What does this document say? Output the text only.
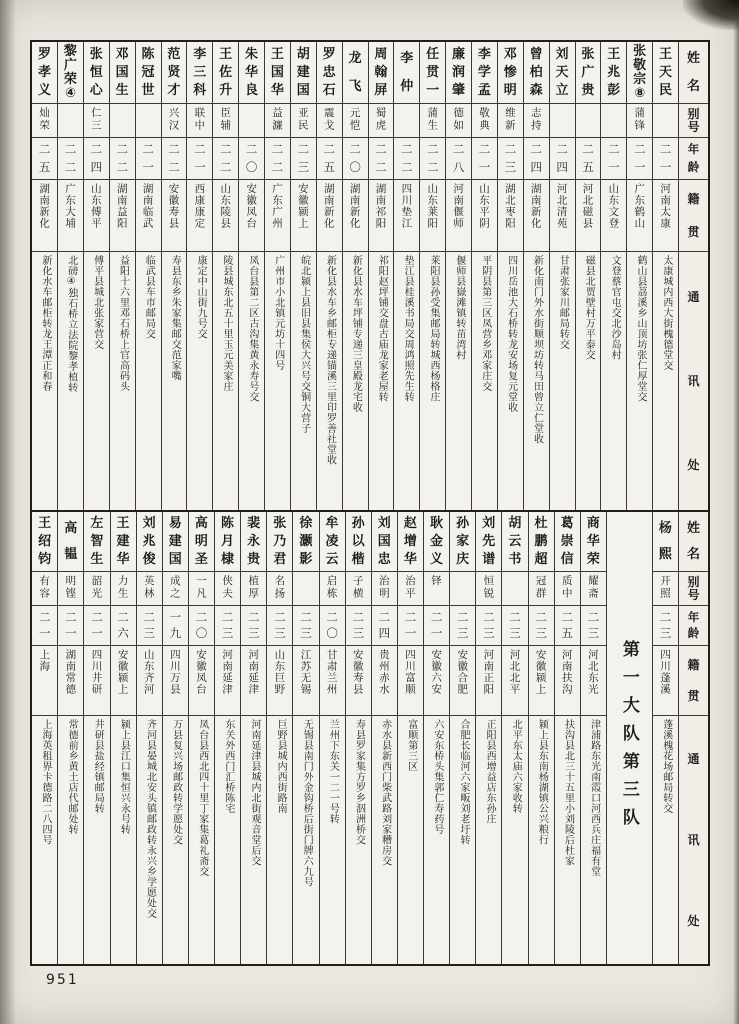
姓
名
别
号
年
龄
籍
贯
通
讯
处
王
天
民
二
一
河南太康
太康城内西大街槐德堂交
张
敬
宗
⑧
蒲锋
二
一
广东鹤山
鹤山县茘溪乡山顶坊张仁厚堂交
王
兆
彭
二
一
山东文登
文登蔡官屯交北沙岛村
张
广
贵
二
五
河北磁县
磁县北贾壁村万平泰交
刘
天
立
二
四
河北清苑
甘肃张家川邮局转交
曾
柏
森
志持
二
四
湖南新化
新化南门外水街顺坝坊转马田曾立仁堂收
邓
惨
明
维新
二
三
湖北枣阳
四川岳池大石桥转龙安场复元堂收
李
学
孟
敬典
二
一
山东平阴
平阴县第三区凤营乡邓家庄交
廉
润
肇
德如
二
八
河南偃师
偃师县嶽滩镇转苗湾村
任
贯
一
蒲生
二
二
山东莱阳
莱阳县孙受集邮局转城西杨格庄
李
仲
二
二
四川垫江
垫江县桂溪书局交周鸿照先生转
周
翰
屏
蜀虎
二
二
湖南祁阳
祁阳赵坪铺交盘古庙龙家老屋转
龙
飞
元恺
二
〇
湖南新化
新化县水车坪铺专递三皇殿龙宅收
罗
忠
石
震戈
二
五
湖南新化
新化县水车乡邮柜专递锚溪三里印罗善社堂收
胡
建
国
亚民
二
三
安徽颍上
皖北颍上县旧县集侯大兴号交铜大营子
王
国
华
益濂
二
二
广东广州
广州市小北镇元坊十四号
朱
华
良
二
〇
安徽凤台
凤台县第二区古沟集黄永寿号交
王
佐
升
臣辅
二
二
山东陵县
陵县城东北五十里玉元美家庄
李
三
科
联中
二
一
西康康定
康定中山街九号交
范
贤
才
兴汉
二
二
安徽寿县
寿县东乡朱家集邮交范家嘴
陈
冠
世
二
一
湖南临武
临武县车市邮局交
邓
国
生
二
二
湖南益阳
益阳十六里邓石桥上官高码头
张
恒
心
仁三
二
四
山东傅平
傅平县城北张家营交
黎
广
荣
④
二
二
广东大埔
北磅④独石桥立法院黎孝植转
罗
孝
义
灿荣
二
五
湖南新化
新化水车邮柜转龙王潭正和春
姓
名
别
号
年
龄
籍
贯
通
讯
处
杨
熙
开照
二
三
四川蓬溪
蓬溪槐花场邮局转交
第一大队第三队
商
华
荣
耀斋
二
三
河北东光
津浦路东光南霞口河西兵庄福有堂
葛
崇
信
质中
二
五
河南扶沟
扶沟县北三十五里小刘陵后杜家
杜
鹏
超
冠群
二
三
安徽颍上
颍上县东南杨湖镇公兴粮行
胡
云
书
二
三
河北北平
北平东太庙六家收转
刘
先
谱
恒锐
二
三
河南正阳
正阳县西增益店东孙庄
孙
家
庆
二
三
安徽合肥
合肥长临河六家畈刘老圩转
耿
金
义
铎
二
一
安徽六安
六安东桥头集郭仁寿药号
赵
增
华
治平
二
一
四川富顺
富顺第三区
刘
国
忠
治明
二
四
贵州赤水
赤水县新西门柴武路刘家糟房交
孙
以
楷
子横
二
三
安徽寿县
寿县罗家集方罗乡泅洲桥交
牟
凌
云
启栋
二
〇
甘肃兰州
兰州下东关一二一号转
徐
灏
影
二
三
江苏无锡
无锡县南门外金钩桥后街门牌六九号
张
乃
君
名扬
二
三
山东巨野
巨野县城内西街路南
裴
永
贵
植厚
二
三
河南延津
河南延津县城内北街观音堂后交
陈
月
棣
侠夫
二
三
河南延津
东关外西门汇桥陈宅
高
明
圣
一凡
二
〇
安徽凤台
凤台县西北四十里丁家集葛礼斋交
易
建
国
成之
一
九
四川万县
万县复兴场邮政转学愿处交
刘
兆
俊
英林
二
三
山东齐河
齐河县晏城北安头镇邮政转永兴乡学愿处交
王
建
华
力生
二
六
安徽颍上
颍上县江口集恒兴永号转
左
智
生
韶光
二
一
四川井研
井研县盐经镇邮局转
高
韫
明铿
二
一
湖南常德
常德前乡黄土店代邮处转
王
绍
钧
有容
二
一
上海
上海英租界卡德路二八四号
951
